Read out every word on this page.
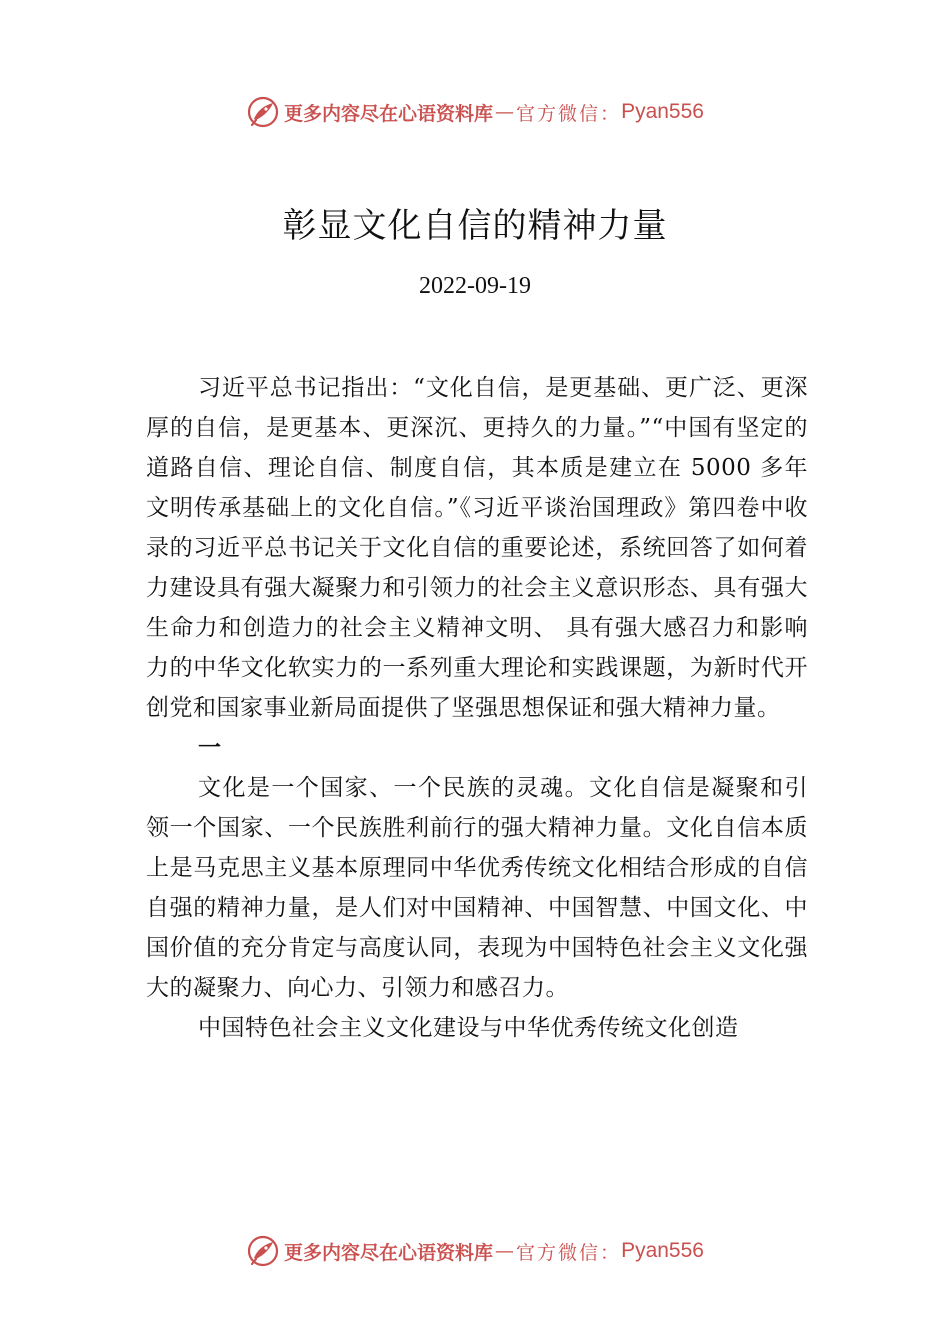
更多内容尽在心语资料库 — 官方微信： Pyan556
彰显文化自信的精神力量
2022-09-19

习近平总书记指出：“文化自信，是更基础、更广泛、更深厚的自信，是更基本、更深沉、更持久的力量。”“中国有坚定的道路自信、理论自信、制度自信，其本质是建立在 5000 多年文明传承基础上的文化自信。”《习近平谈治国理政》第四卷中收录的习近平总书记关于文化自信的重要论述，系统回答了如何着力建设具有强大凝聚力和引领力的社会主义意识形态、具有强大生命力和创造力的社会主义精神文明、 具有强大感召力和影响力的中华文化软实力的一系列重大理论和实践课题，为新时代开创党和国家事业新局面提供了坚强思想保证和强大精神力量。

一

文化是一个国家、一个民族的灵魂。文化自信是凝聚和引领一个国家、一个民族胜利前行的强大精神力量。文化自信本质上是马克思主义基本原理同中华优秀传统文化相结合形成的自信自强的精神力量，是人们对中国精神、中国智慧、中国文化、中国价值的充分肯定与高度认同，表现为中国特色社会主义文化强大的凝聚力、向心力、引领力和感召力。

中国特色社会主义文化建设与中华优秀传统文化创造

更多内容尽在心语资料库 — 官方微信： Pyan556
